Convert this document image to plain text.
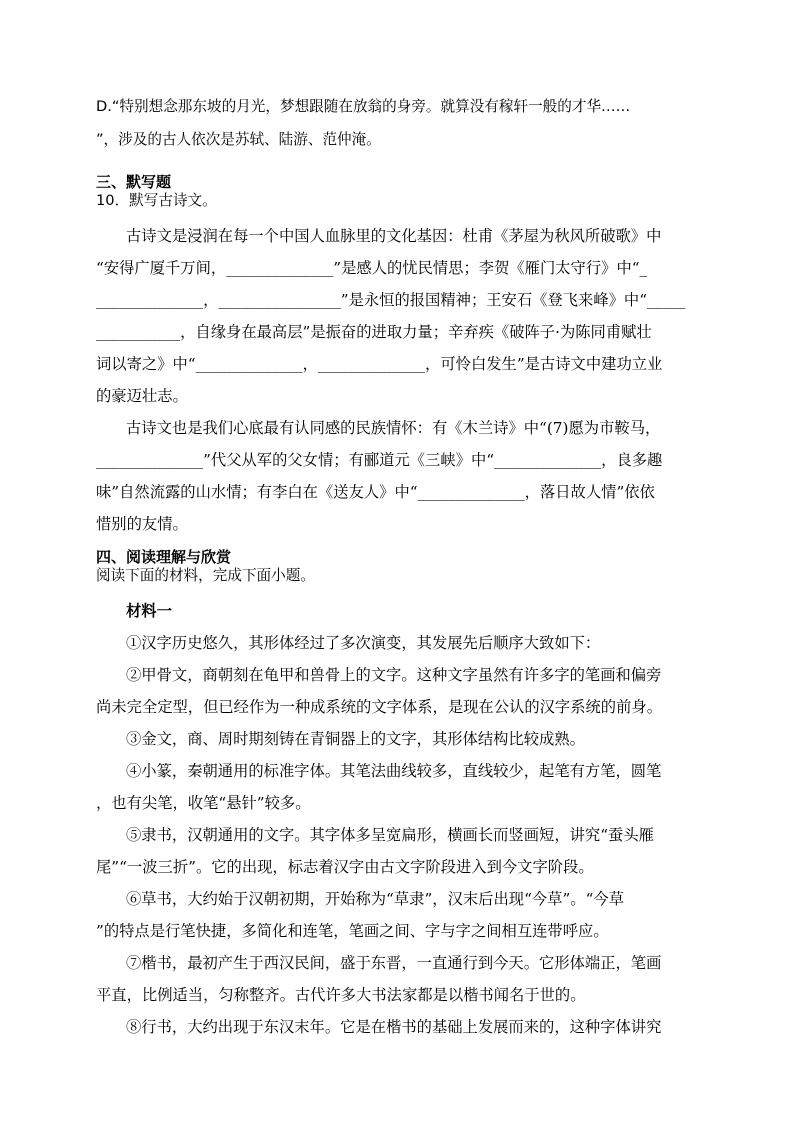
D.“特别想念那东坡的月光，梦想跟随在放翁的身旁。就算没有稼轩一般的才华……
”，涉及的古人依次是苏轼、陆游、范仲淹。
三、默写题
10．默写古诗文。
古诗文是浸润在每一个中国人血脉里的文化基因：杜甫《茅屋为秋风所破歌》中
“安得广厦千万间，______________”是感人的忧民情思；李贺《雁门太守行》中“_
______________，________________”是永恒的报国精神；王安石《登飞来峰》中“_____
___________，自缘身在最高层”是振奋的进取力量；辛弃疾《破阵子·为陈同甫赋壮
词以寄之》中“______________，______________，可怜白发生”是古诗文中建功立业
的豪迈壮志。
古诗文也是我们心底最有认同感的民族情怀：有《木兰诗》中“(7)愿为市鞍马，
______________”代父从军的父女情；有郦道元《三峡》中“______________，良多趣
味”自然流露的山水情；有李白在《送友人》中“______________，落日故人情”依依
惜别的友情。
四、阅读理解与欣赏
阅读下面的材料，完成下面小题。
材料一
①汉字历史悠久，其形体经过了多次演变，其发展先后顺序大致如下：
②甲骨文，商朝刻在龟甲和兽骨上的文字。这种文字虽然有许多字的笔画和偏旁
尚未完全定型，但已经作为一种成系统的文字体系，是现在公认的汉字系统的前身。
③金文，商、周时期刻铸在青铜器上的文字，其形体结构比较成熟。
④小篆，秦朝通用的标准字体。其笔法曲线较多，直线较少，起笔有方笔，圆笔
，也有尖笔，收笔“悬针”较多。
⑤隶书，汉朝通用的文字。其字体多呈宽扁形，横画长而竖画短，讲究“蚕头雁
尾”“一波三折”。它的出现，标志着汉字由古文字阶段进入到今文字阶段。
⑥草书，大约始于汉朝初期，开始称为“草隶”，汉末后出现“今草”。“今草
”的特点是行笔快捷，多简化和连笔，笔画之间、字与字之间相互连带呼应。
⑦楷书，最初产生于西汉民间，盛于东晋，一直通行到今天。它形体端正，笔画
平直，比例适当，匀称整齐。古代许多大书法家都是以楷书闻名于世的。
⑧行书，大约出现于东汉末年。它是在楷书的基础上发展而来的，这种字体讲究
